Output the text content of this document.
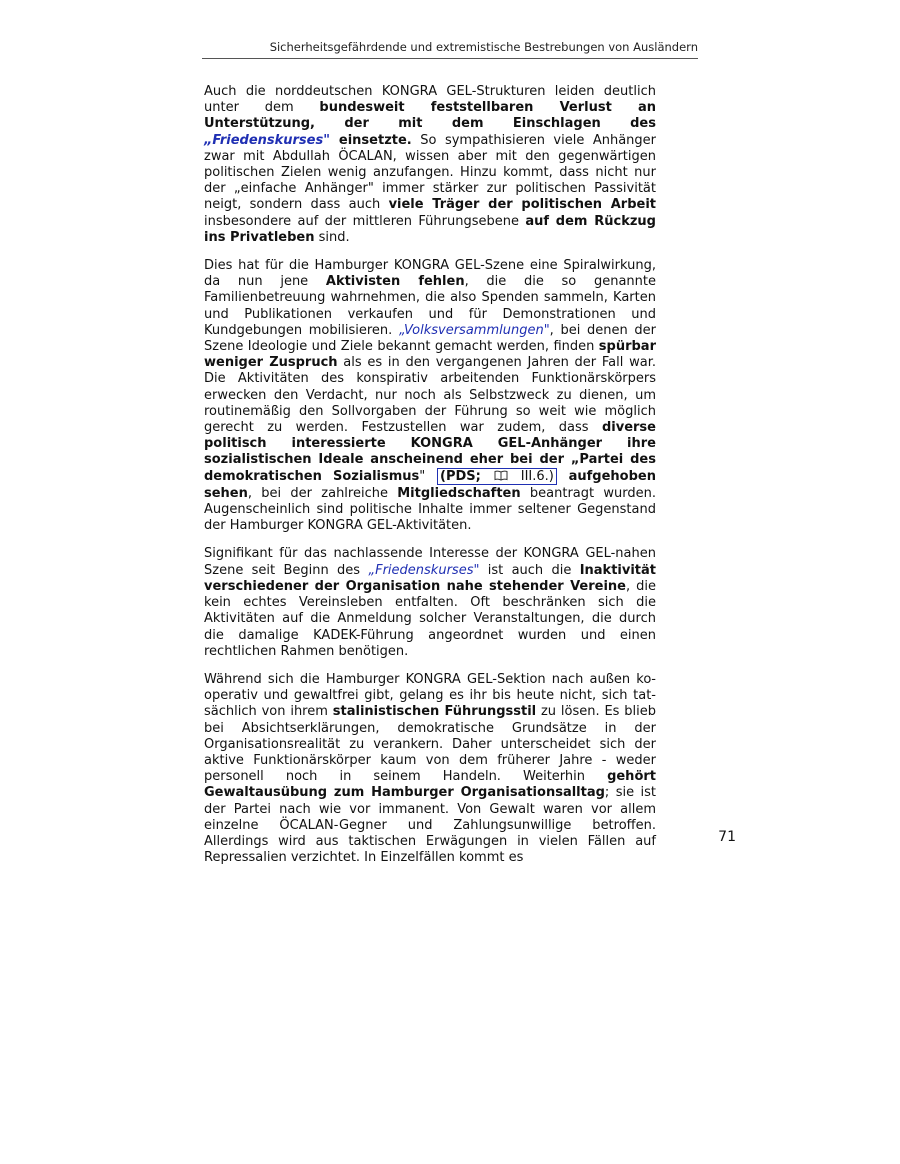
Sicherheitsgefährdende und extremistische Bestrebungen von Ausländern

Auch die norddeutschen KONGRA GEL-Strukturen leiden deutlich unter dem bundesweit feststellbaren Verlust an Unterstützung, der mit dem Einschlagen des „Friedenskurses" einsetzte. So sympathisieren viele Anhänger zwar mit Abdullah ÖCALAN, wissen aber mit den gegenwärtigen politischen Zielen wenig anzufangen. Hinzu kommt, dass nicht nur der „einfache Anhänger" immer stärker zur politischen Passivität neigt, sondern dass auch viele Träger der politischen Arbeit insbesondere auf der mittleren Führungsebene auf dem Rückzug ins Privatleben sind.

Dies hat für die Hamburger KONGRA GEL-Szene eine Spiralwirkung, da nun jene Aktivisten fehlen, die die so genannte Familienbetreuung wahrnehmen, die also Spenden sammeln, Karten und Publikationen verkaufen und für Demonstrationen und Kundgebungen mobilisieren. „Volksversammlungen", bei denen der Szene Ideologie und Ziele bekannt gemacht werden, finden spürbar weniger Zuspruch als es in den vergangenen Jahren der Fall war. Die Aktivitäten des konspirativ arbeitenden Funktionärskörpers erwecken den Verdacht, nur noch als Selbstzweck zu dienen, um routinemäßig den Sollvorgaben der Führung so weit wie möglich gerecht zu werden. Festzustellen war zudem, dass diverse politisch interessierte KONGRA GEL-Anhänger ihre sozialistischen Ideale anscheinend eher bei der „Partei des demokratischen Sozialismus" (PDS;  III.6.) aufgehoben sehen, bei der zahlreiche Mitgliedschaften beantragt wurden. Augenscheinlich sind politische Inhalte immer seltener Gegenstand der Hamburger KONGRA GEL-Aktivitäten.

Signifikant für das nachlassende Interesse der KONGRA GEL-nahen Szene seit Beginn des „Friedenskurses" ist auch die Inaktivität verschiedener der Organisation nahe stehender Vereine, die kein echtes Vereinsleben entfalten. Oft beschränken sich die Aktivitäten auf die Anmeldung solcher Veranstaltungen, die durch die damalige KADEK-Führung angeordnet wurden und einen rechtlichen Rahmen benötigen.

Während sich die Hamburger KONGRA GEL-Sektion nach außen kooperativ und gewaltfrei gibt, gelang es ihr bis heute nicht, sich tatsächlich von ihrem stalinistischen Führungsstil zu lösen. Es blieb bei Absichtserklärungen, demokratische Grundsätze in der Organisationsrealität zu verankern. Daher unterscheidet sich der aktive Funktionärskörper kaum von dem früherer Jahre - weder personell noch in seinem Handeln. Weiterhin gehört Gewaltausübung zum Hamburger Organisationsalltag; sie ist der Partei nach wie vor immanent. Von Gewalt waren vor allem einzelne ÖCALAN-Gegner und Zahlungsunwillige betroffen. Allerdings wird aus taktischen Erwägungen in vielen Fällen auf Repressalien verzichtet. In Einzelfällen kommt es

71
